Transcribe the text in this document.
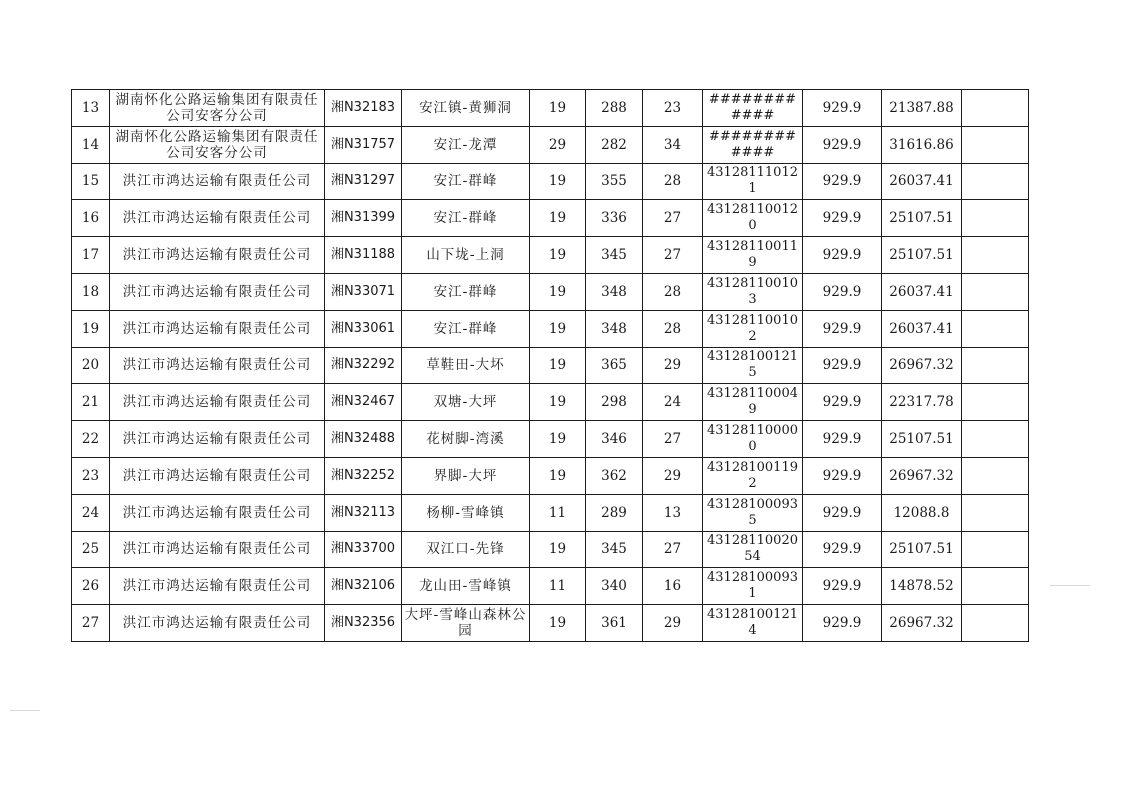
13	湖南怀化公路运输集团有限责任公司安客分公司	湘N32183	安江镇-黄狮洞	19	288	23	############	929.9	21387.88	
14	湖南怀化公路运输集团有限责任公司安客分公司	湘N31757	安江-龙潭	29	282	34	############	929.9	31616.86	
15	洪江市鸿达运输有限责任公司	湘N31297	安江-群峰	19	355	28	431281110121	929.9	26037.41	
16	洪江市鸿达运输有限责任公司	湘N31399	安江-群峰	19	336	27	431281100120	929.9	25107.51	
17	洪江市鸿达运输有限责任公司	湘N31188	山下垅-上洞	19	345	27	431281100119	929.9	25107.51	
18	洪江市鸿达运输有限责任公司	湘N33071	安江-群峰	19	348	28	431281100103	929.9	26037.41	
19	洪江市鸿达运输有限责任公司	湘N33061	安江-群峰	19	348	28	431281100102	929.9	26037.41	
20	洪江市鸿达运输有限责任公司	湘N32292	草鞋田-大坏	19	365	29	431281001215	929.9	26967.32	
21	洪江市鸿达运输有限责任公司	湘N32467	双塘-大坪	19	298	24	431281100049	929.9	22317.78	
22	洪江市鸿达运输有限责任公司	湘N32488	花树脚-湾溪	19	346	27	431281100000	929.9	25107.51	
23	洪江市鸿达运输有限责任公司	湘N32252	界脚-大坪	19	362	29	431281001192	929.9	26967.32	
24	洪江市鸿达运输有限责任公司	湘N32113	杨柳-雪峰镇	11	289	13	431281000935	929.9	12088.8	
25	洪江市鸿达运输有限责任公司	湘N33700	双江口-先锋	19	345	27	4312811002054	929.9	25107.51	
26	洪江市鸿达运输有限责任公司	湘N32106	龙山田-雪峰镇	11	340	16	431281000931	929.9	14878.52	
27	洪江市鸿达运输有限责任公司	湘N32356	大坪-雪峰山森林公园	19	361	29	431281001214	929.9	26967.32	
